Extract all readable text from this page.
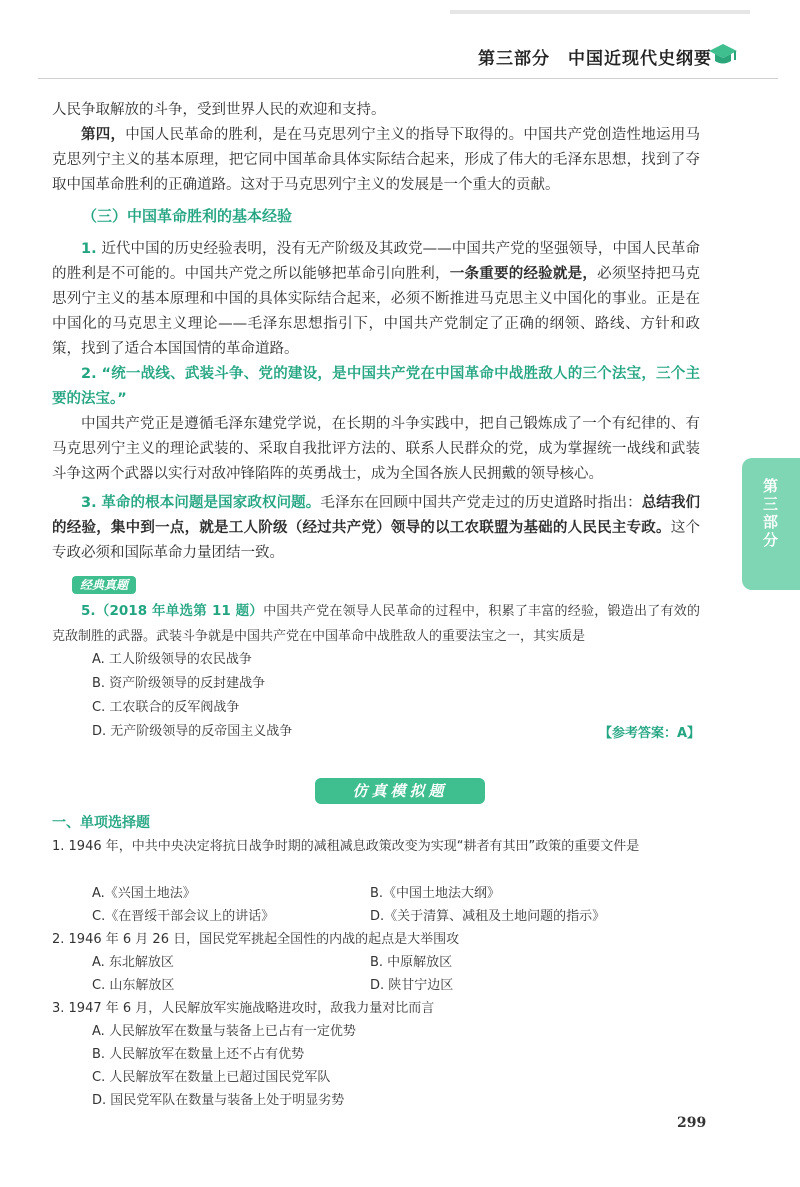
第三部分　中国近现代史纲要
人民争取解放的斗争，受到世界人民的欢迎和支持。
第四，中国人民革命的胜利，是在马克思列宁主义的指导下取得的。中国共产党创造性地运用马克思列宁主义的基本原理，把它同中国革命具体实际结合起来，形成了伟大的毛泽东思想，找到了夺取中国革命胜利的正确道路。这对于马克思列宁主义的发展是一个重大的贡献。
（三）中国革命胜利的基本经验
1. 近代中国的历史经验表明，没有无产阶级及其政党——中国共产党的坚强领导，中国人民革命的胜利是不可能的。中国共产党之所以能够把革命引向胜利，一条重要的经验就是，必须坚持把马克思列宁主义的基本原理和中国的具体实际结合起来，必须不断推进马克思主义中国化的事业。正是在中国化的马克思主义理论——毛泽东思想指引下，中国共产党制定了正确的纲领、路线、方针和政策，找到了适合本国国情的革命道路。
2. “统一战线、武装斗争、党的建设，是中国共产党在中国革命中战胜敌人的三个法宝，三个主要的法宝。”
中国共产党正是遵循毛泽东建党学说，在长期的斗争实践中，把自己锻炼成了一个有纪律的、有马克思列宁主义的理论武装的、采取自我批评方法的、联系人民群众的党，成为掌握统一战线和武装斗争这两个武器以实行对敌冲锋陷阵的英勇战士，成为全国各族人民拥戴的领导核心。
3. 革命的根本问题是国家政权问题。毛泽东在回顾中国共产党走过的历史道路时指出：总结我们的经验，集中到一点，就是工人阶级（经过共产党）领导的以工农联盟为基础的人民民主专政。这个专政必须和国际革命力量团结一致。
经典真题
5.（2018 年单选第 11 题）中国共产党在领导人民革命的过程中，积累了丰富的经验，锻造出了有效的克敌制胜的武器。武装斗争就是中国共产党在中国革命中战胜敌人的重要法宝之一，其实质是
A. 工人阶级领导的农民战争
B. 资产阶级领导的反封建战争
C. 工农联合的反军阀战争
D. 无产阶级领导的反帝国主义战争	【参考答案：A】
仿真模拟题
一、单项选择题
1. 1946 年，中共中央决定将抗日战争时期的减租减息政策改变为实现“耕者有其田”政策的重要文件是
A.《兴国土地法》	B.《中国土地法大纲》
C.《在晋绥干部会议上的讲话》	D.《关于清算、减租及土地问题的指示》
2. 1946 年 6 月 26 日，国民党军挑起全国性的内战的起点是大举围攻
A. 东北解放区	B. 中原解放区
C. 山东解放区	D. 陕甘宁边区
3. 1947 年 6 月，人民解放军实施战略进攻时，敌我力量对比而言
A. 人民解放军在数量与装备上已占有一定优势
B. 人民解放军在数量上还不占有优势
C. 人民解放军在数量上已超过国民党军队
D. 国民党军队在数量与装备上处于明显劣势
第三部分
299
